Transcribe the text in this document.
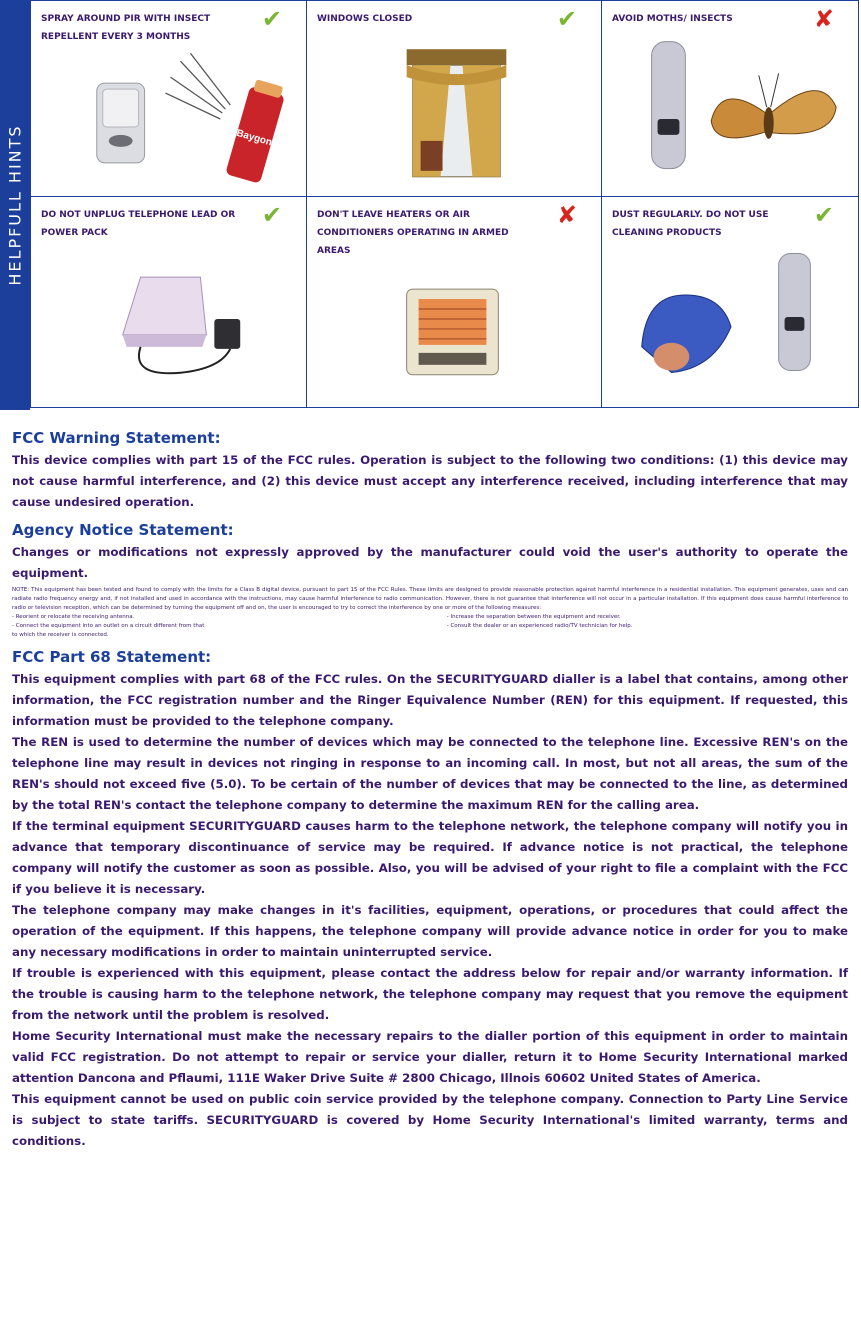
HELPFULL HINTS
SPRAY AROUND PIR WITH INSECT REPELLENT EVERY 3 MONTHS
✔
Baygon
WINDOWS CLOSED	✔	AVOID MOTHS/ INSECTS	✘
DO NOT UNPLUG TELEPHONE LEAD OR POWER PACK
✔	DON'T LEAVE HEATERS OR AIR CONDITIONERS OPERATING IN ARMED AREAS
✘	DUST REGULARLY. DO NOT USE CLEANING PRODUCTS
✔
FCC Warning Statement:

This device complies with part 15 of the FCC rules. Operation is subject to the following two conditions: (1) this device may not cause harmful interference, and (2) this device must accept any interference received, including interference that may cause undesired operation.

Agency Notice Statement:

Changes or modifications not expressly approved by the manufacturer could void the user's authority to operate the equipment.

NOTE: This equipment has been tested and found to comply with the limits for a Class B digital device, pursuant to part 15 of the FCC Rules. These limits are designed to provide reasonable protection against harmful interference in a residential installation. This equipment generates, uses and can radiate radio frequency energy and, if not installed and used in accordance with the instructions, may cause harmful interference to radio communication. However, there is not guarantee that interference will not occur in a particular installation. If this equipment does cause harmful interference to radio or television reception, which can be determined by turning the equipment off and on, the user is encouraged to try to correct the interference by one or more of the following measures:
- Reorient or relocate the receiving antenna.
- Connect the equipment into an outlet on a circuit different from that to which the receiver is connected.
- Increase the separation between the equipment and receiver.
- Consult the dealer or an experienced radio/TV technician for help.
FCC Part 68 Statement:

This equipment complies with part 68 of the FCC rules. On the SECURITYGUARD dialler is a label that contains, among other information, the FCC registration number and the Ringer Equivalence Number (REN) for this equipment. If requested, this information must be provided to the telephone company.

The REN is used to determine the number of devices which may be connected to the telephone line. Excessive REN's on the telephone line may result in devices not ringing in response to an incoming call. In most, but not all areas, the sum of the REN's should not exceed five (5.0). To be certain of the number of devices that may be connected to the line, as determined by the total REN's contact the telephone company to determine the maximum REN for the calling area.

If the terminal equipment SECURITYGUARD causes harm to the telephone network, the telephone company will notify you in advance that temporary discontinuance of service may be required. If advance notice is not practical, the telephone company will notify the customer as soon as possible. Also, you will be advised of your right to file a complaint with the FCC if you believe it is necessary.

The telephone company may make changes in it's facilities, equipment, operations, or procedures that could affect the operation of the equipment. If this happens, the telephone company will provide advance notice in order for you to make any necessary modifications in order to maintain uninterrupted service.

If trouble is experienced with this equipment, please contact the address below for repair and/or warranty information. If the trouble is causing harm to the telephone network, the telephone company may request that you remove the equipment from the network until the problem is resolved.

Home Security International must make the necessary repairs to the dialler portion of this equipment in order to maintain valid FCC registration. Do not attempt to repair or service your dialler, return it to Home Security International marked attention Dancona and Pflaumi, 111E Waker Drive Suite # 2800 Chicago, Illnois 60602 United States of America.

This equipment cannot be used on public coin service provided by the telephone company. Connection to Party Line Service is subject to state tariffs. SECURITYGUARD is covered by Home Security International's limited warranty, terms and conditions.
